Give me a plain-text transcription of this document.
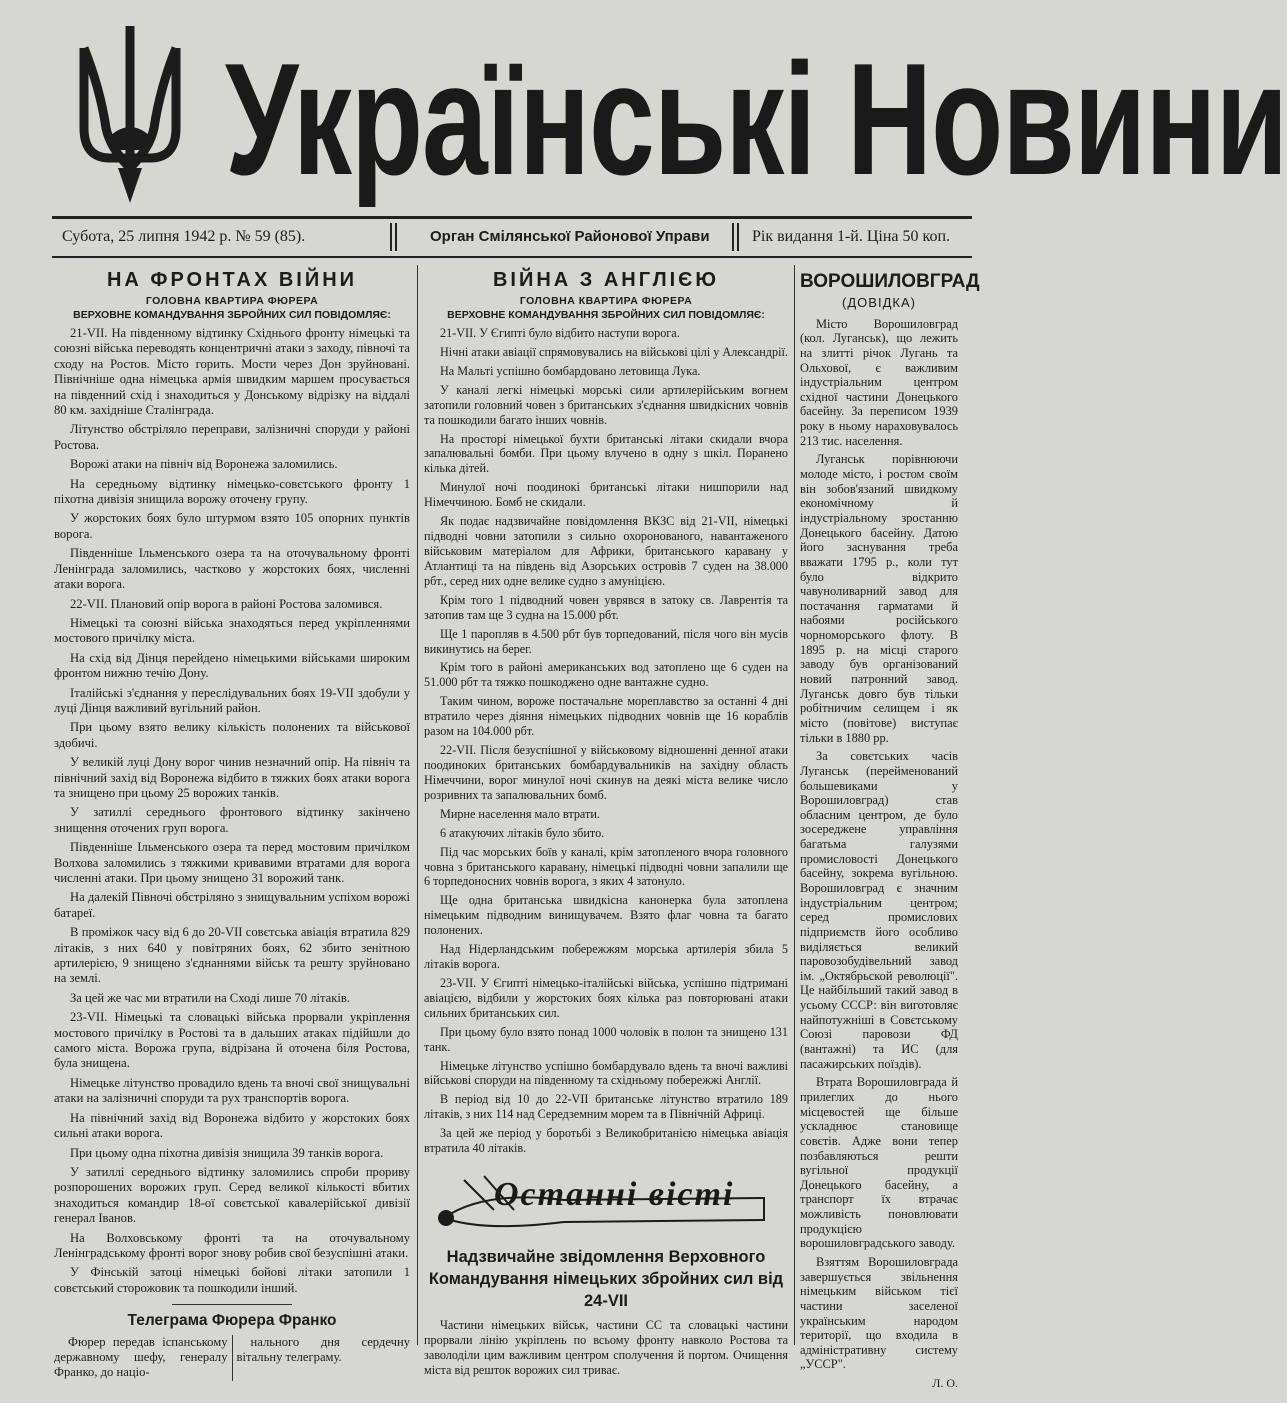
Українські Новини
Субота, 25 липня 1942 р. № 59 (85).	Орган Смілянської Районової Управи	Рік видання 1-й. Ціна 50 коп.
НА ФРОНТАХ ВІЙНИ
ГОЛОВНА КВАРТИРА ФЮРЕРА
ВЕРХОВНЕ КОМАНДУВАННЯ ЗБРОЙНИХ СИЛ ПОВІДОМЛЯЄ:

21-VII. На південному відтинку Східнього фронту німецькі та союзні війська переводять концентричні атаки з заходу, півночі та сходу на Ростов. Місто горить. Мости через Дон зруйновані. Північніше одна німецька армія швидким маршем просувається на південний схід і знаходиться у Донському відрізку на віддалі 80 км. західніше Сталінграда.

Літунство обстріляло переправи, залізничні споруди у районі Ростова.

Ворожі атаки на північ від Воронежа заломились.

На середньому відтинку німецько-совєтського фронту 1 піхотна дивізія знищила ворожу оточену групу.

У жорстоких боях було штурмом взято 105 опорних пунктів ворога.

Південніше Ільменського озера та на оточувальному фронті Ленінграда заломились, частково у жорстоких боях, численні атаки ворога.

22-VII. Плановий опір ворога в районі Ростова заломився.

Німецькі та союзні війська знаходяться перед укріпленнями мостового причілку міста.

На схід від Дінця перейдено німецькими військами широким фронтом нижню течію Дону.

Італійські з'єднання у переслідувальних боях 19-VII здобули у луці Дінця важливий вугільний район.

При цьому взято велику кількість полонених та військової здобичі.

У великій луці Дону ворог чинив незначний опір. На північ та північний захід від Воронежа відбито в тяжких боях атаки ворога та знищено при цьому 25 ворожих танків.

У затиллі середнього фронтового відтинку закінчено знищення оточених груп ворога.

Південніше Ільменського озера та перед мостовим причілком Волхова заломились з тяжкими кривавими втратами для ворога численні атаки. При цьому знищено 31 ворожий танк.

На далекій Півночі обстріляно з знищувальним успіхом ворожі батареї.

В проміжок часу від 6 до 20-VII совєтська авіація втратила 829 літаків, з них 640 у повітряних боях, 62 збито зенітною артилерією, 9 знищено з'єднаннями військ та решту зруйновано на землі.

За цей же час ми втратили на Сході лише 70 літаків.

23-VII. Німецькі та словацькі війська прорвали укріплення мостового причілку в Ростові та в дальших атаках підійшли до самого міста. Ворожа група, відрізана й оточена біля Ростова, була знищена.

Німецьке літунство провадило вдень та вночі свої знищувальні атаки на залізничні споруди та рух транспортів ворога.

На північний захід від Воронежа відбито у жорстоких боях сильні атаки ворога.

При цьому одна піхотна дивізія знищила 39 танків ворога.

У затиллі середнього відтинку заломились спроби прориву розпорошених ворожих груп. Серед великої кількості вбитих знаходиться командир 18-ої совєтської кавалерійської дивізії генерал Іванов.

На Волховському фронті та на оточувальному Ленінградському фронті ворог знову робив свої безуспішні атаки.

У Фінській затоці німецькі бойові літаки затопили 1 совєтський сторожовик та пошкодили інший.

Телеграма Фюрера Франко

Фюрер передав іспанському державному шефу, генералу Франко, до націо-

нального дня сердечну вітальну телеграму.

ВІЙНА З АНГЛІЄЮ
ГОЛОВНА КВАРТИРА ФЮРЕРА
ВЕРХОВНЕ КОМАНДУВАННЯ ЗБРОЙНИХ СИЛ ПОВІДОМЛЯЄ:

21-VII. У Єгипті було відбито наступи ворога.

Нічні атаки авіації спрямовувались на військові цілі у Александрії.

На Мальті успішно бомбардовано летовища Лука.

У каналі легкі німецькі морські сили артилерійським вогнем затопили головний човен з британських з'єднання швидкісних човнів та пошкодили багато інших човнів.

На просторі німецької бухти британські літаки скидали вчора запалювальні бомби. При цьому влучено в одну з шкіл. Поранено кілька дітей.

Минулої ночі поодинокі британські літаки нишпорили над Німеччиною. Бомб не скидали.

Як подає надзвичайне повідомлення ВКЗС від 21-VII, німецькі підводні човни затопили з сильно охоронованого, навантаженого військовим матеріалом для Африки, британського каравану у Атлантиці та на південь від Азорських островів 7 суден на 38.000 рбт., серед них одне велике судно з амуніцією.

Крім того 1 підводний човен уврявся в затоку св. Лаврентія та затопив там ще 3 судна на 15.000 рбт.

Ще 1 паропляв в 4.500 рбт був торпедований, після чого він мусів викинутись на берег.

Крім того в районі американських вод затоплено ще 6 суден на 51.000 рбт та тяжко пошкоджено одне вантажне судно.

Таким чином, вороже постачальне мореплавство за останні 4 дні втратило через діяння німецьких підводних човнів ще 16 кораблів разом на 104.000 рбт.

22-VII. Після безуспішної у військовому відношенні денної атаки поодиноких британських бомбардувальників на західну область Німеччини, ворог минулої ночі скинув на деякі міста велике число розривних та запалювальних бомб.

Мирне населення мало втрати.

6 атакуючих літаків було збито.

Під час морських боїв у каналі, крім затопленого вчора головного човна з британського каравану, німецькі підводні човни запалили ще 6 торпедоносних човнів ворога, з яких 4 затонуло.

Ще одна британська швидкісна канонерка була затоплена німецьким підводним винищувачем. Взято флаг човна та багато полонених.

Над Нідерландським побережжям морська артилерія збила 5 літаків ворога.

23-VII. У Єгипті німецько-італійські війська, успішно підтримані авіацією, відбили у жорстоких боях кілька раз повторювані атаки сильних британських сил.

При цьому було взято понад 1000 чоловік в полон та знищено 131 танк.

Німецьке літунство успішно бомбардувало вдень та вночі важливі військові споруди на південному та східньому побережжі Англії.

В період від 10 до 22-VII британське літунство втратило 189 літаків, з них 114 над Середземним морем та в Північній Африці.

За цей же період у боротьбі з Великобританією німецька авіація втратила 40 літаків.

Останні вісті
Надзвичайне звідомлення Верховного Командування німецьких збройних сил від 24-VII

Частини німецьких військ, частини СС та словацькі частини прорвали лінію укріплень по всьому фронту навколо Ростова та заволоділи цим важливим центром сполучення й портом. Очищення міста від решток ворожих сил триває.

ВОРОШИЛОВГРАД
(ДОВІДКА)

Місто Ворошиловград (кол. Луганськ), що лежить на злитті річок Лугань та Ольхової, є важливим індустріальним центром східної частини Донецького басейну. За переписом 1939 року в ньому нараховувалось 213 тис. населення.

Луганськ порівнюючи молоде місто, і ростом своїм він зобов'язаний швидкому економічному й індустріальному зростанню Донецького басейну. Датою його заснування треба вважати 1795 р., коли тут було відкрито чавуноливарний завод для постачання гарматами й набоями російського чорноморського флоту. В 1895 р. на місці старого заводу був організований новий патронний завод. Луганськ довго був тільки робітничим селищем і як місто (повітове) виступає тільки в 1880 рр.

За совєтських часів Луганськ (перейменований большевиками у Ворошиловград) став обласним центром, де було зосереджене управління багатьма галузями промисловості Донецького басейну, зокрема вугільною. Ворошиловград є значним індустріальним центром; серед промислових підприємств його особливо виділяється великий паровозобудівельний завод ім. „Октябрьской революції". Це найбільший такий завод в усьому СССР: він виготовляє найпотужніші в Совєтському Союзі паровози ФД (вантажні) та ИС (для пасажирських поїздів).

Втрата Ворошиловграда й прилеглих до нього місцевостей ще більше ускладнює становище совєтів. Адже вони тепер позбавляються решти вугільної продукції Донецького басейну, а транспорт їх втрачає можливість поновлювати продукцією ворошиловградського заводу.

Взяттям Ворошиловграда завершується звільнення німецьким військом тієї частини заселеної українським народом території, що входила в адміністративну систему „УССР".

Л. О.
